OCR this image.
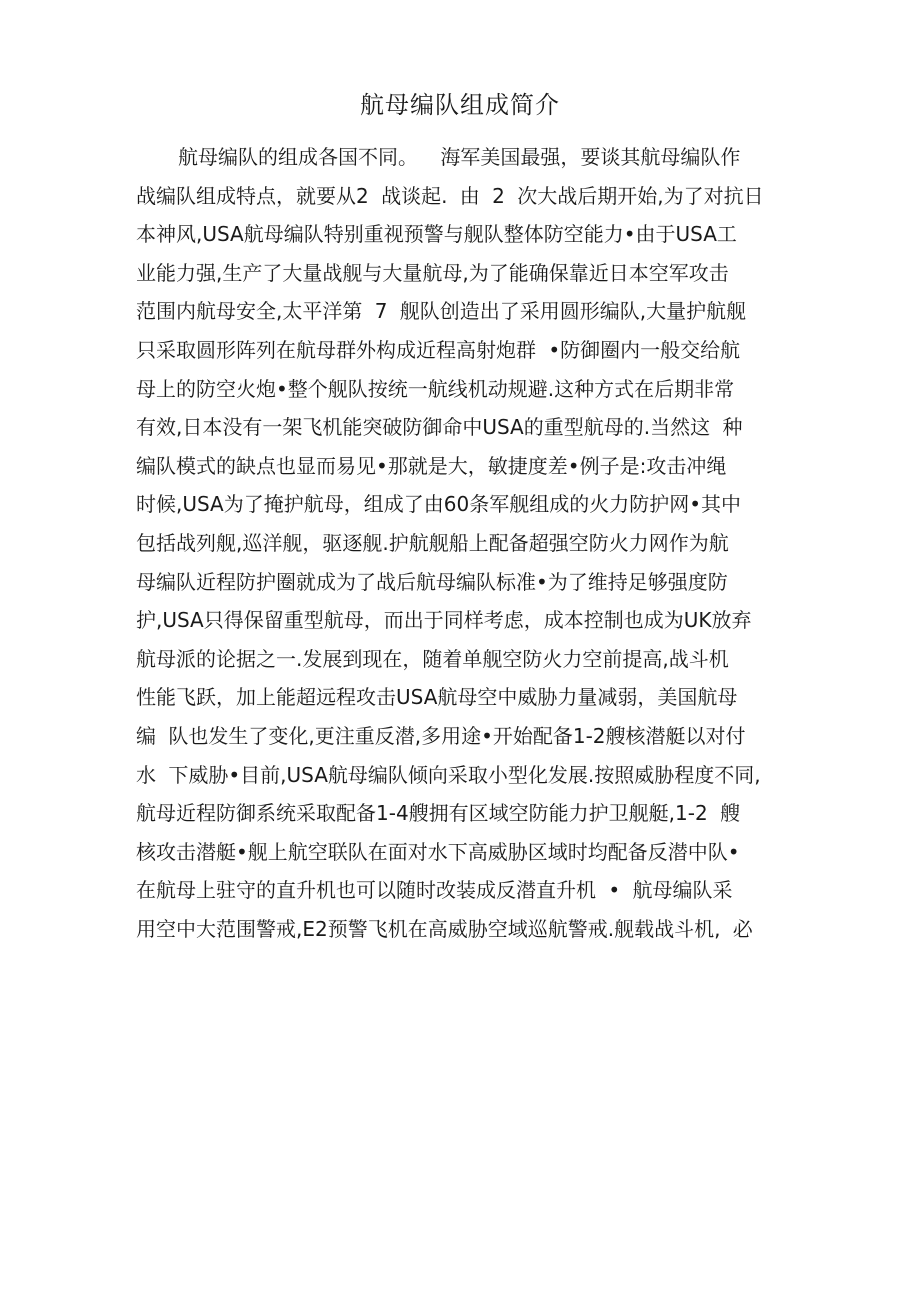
航母编队组成简介
航母编队的组成各国不同。　 海军美国最强，要谈其航母编队作
战编队组成特点，就要从2 战谈起. 由 2 次大战后期开始,为了对抗日
本神风,USA航母编队特别重视预警与舰队整体防空能力•由于USA工
业能力强,生产了大量战舰与大量航母,为了能确保靠近日本空军攻击
范围内航母安全,太平洋第 7 舰队创造出了采用圆形编队,大量护航舰
只采取圆形阵列在航母群外构成近程高射炮群 •防御圈内一般交给航
母上的防空火炮•整个舰队按统一航线机动规避.这种方式在后期非常
有效,日本没有一架飞机能突破防御命中USA的重型航母的.当然这 种
编队模式的缺点也显而易见•那就是大，敏捷度差•例子是:攻击冲绳
时候,USA为了掩护航母，组成了由60条军舰组成的火力防护网•其中
包括战列舰,巡洋舰，驱逐舰.护航舰船上配备超强空防火力网作为航
母编队近程防护圈就成为了战后航母编队标准•为了维持足够强度防
护,USA只得保留重型航母，而出于同样考虑，成本控制也成为UK放弃
航母派的论据之一.发展到现在，随着单舰空防火力空前提高,战斗机
性能飞跃，加上能超远程攻击USA航母空中威胁力量减弱，美国航母
编 队也发生了变化,更注重反潜,多用途•开始配备1-2艘核潜艇以对付
水 下威胁•目前,USA航母编队倾向采取小型化发展.按照威胁程度不同,
航母近程防御系统采取配备1-4艘拥有区域空防能力护卫舰艇,1-2 艘
核攻击潜艇•舰上航空联队在面对水下高威胁区域时均配备反潜中队•
在航母上驻守的直升机也可以随时改装成反潜直升机 • 航母编队采
用空中大范围警戒,E2预警飞机在高威胁空域巡航警戒.舰载战斗机, 必
